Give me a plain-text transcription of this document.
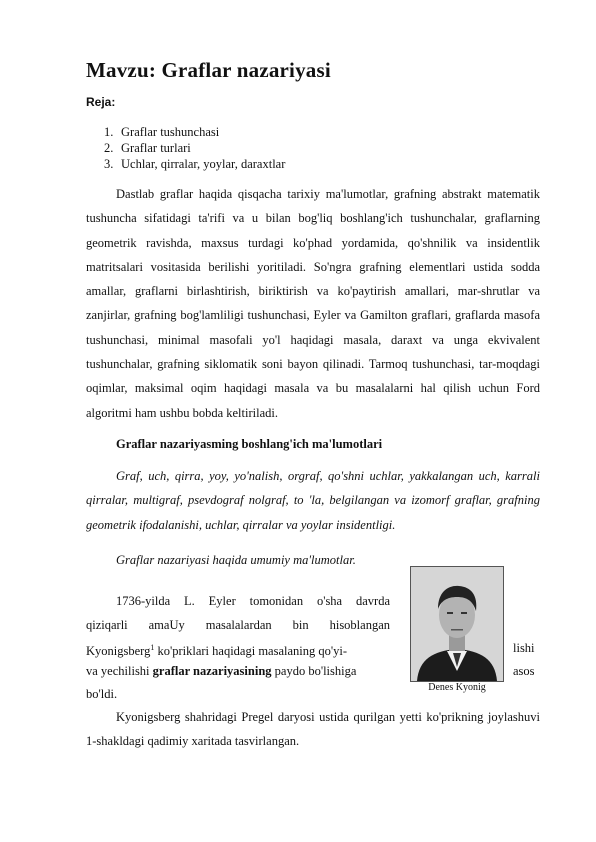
Mavzu: Graflar nazariyasi
Reja:
1. Graflar tushunchasi
2. Graflar turlari
3. Uchlar, qirralar, yoylar, daraxtlar
Dastlab graflar haqida qisqacha tarixiy ma'lumotlar, grafning abstrakt matematik tushuncha sifatidagi ta'rifi va u bilan bog'liq boshlang'ich tushunchalar, graflarning geometrik ravishda, maxsus turdagi ko'phad yordamida, qo'shnilik va insidentlik matritsalari vositasida berilishi yoritiladi. So'ngra grafning elementlari ustida sodda amallar, graflarni birlashtirish, biriktirish va ko'paytirish amallari, mar-shrutlar va zanjirlar, grafning bog'lamliligi tushunchasi, Eyler va Gamilton graflari, graflarda masofa tushunchasi, minimal masofali yo'l haqidagi masala, daraxt va unga ekvivalent tushunchalar, grafning siklomatik soni bayon qilinadi. Tarmoq tushunchasi, tar-moqdagi oqimlar, maksimal oqim haqidagi masala va bu masalalarni hal qilish uchun Ford algoritmi ham ushbu bobda keltiriladi.
Graflar nazariyasming boshlang'ich ma'lumotlari
Graf, uch, qirra, yoy, yo'nalish, orgraf, qo'shni uchlar, yakkalangan uch, karrali qirralar, multigraf, psevdograf nolgraf, to 'la, belgilangan va izomorf graflar, grafning geometrik ifodalanishi, uchlar, qirralar va yoylar insidentligi.
Graflar nazariyasi haqida umumiy ma'lumotlar.
1736-yilda L. Eyler tomonidan o'sha davrda
qiziqarli amaUy masalalardan bin hisoblangan
Kyonigsberg$^1$ ko'priklari haqidagi masalaning qo'yi-	lishi
va yechilishi graflar nazariyasining paydo bo'lishiga	asos
bo'ldi.	Denes Kyonig
Kyonigsberg shahridagi Pregel daryosi ustida qurilgan yetti ko'prikning joylashuvi 1-shakldagi qadimiy xaritada tasvirlangan.
